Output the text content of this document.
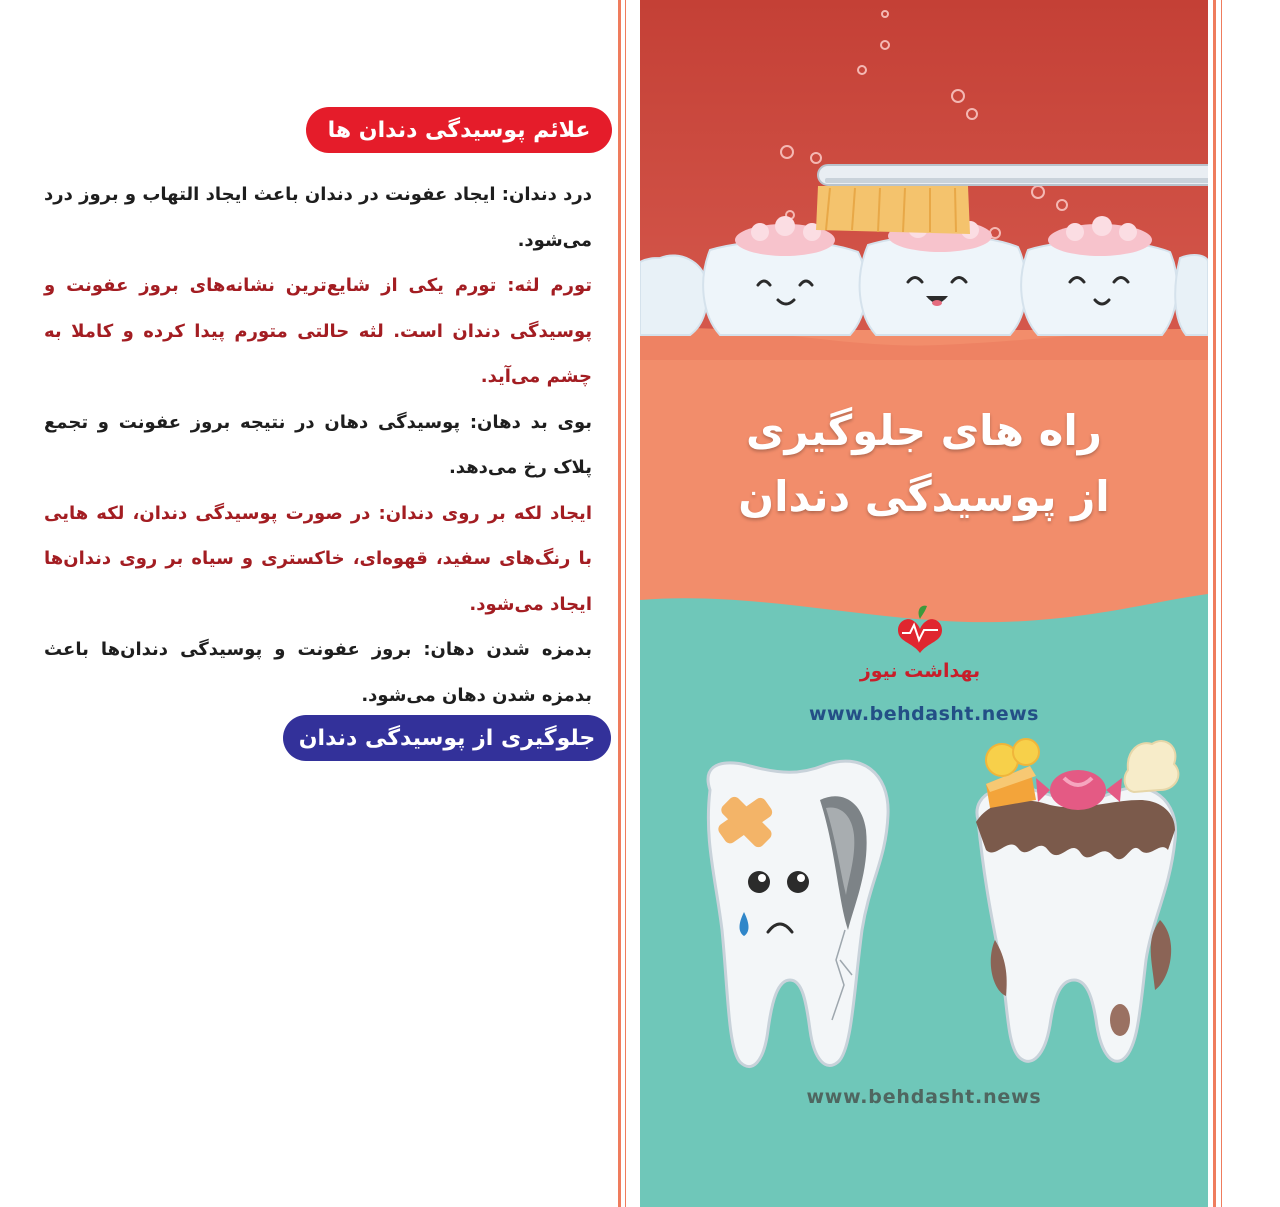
علائم پوسیدگی دندان ها

درد دندان: ایجاد عفونت در دندان باعث ایجاد التهاب و بروز درد می‌شود.

تورم لثه: تورم یکی از شایع‌ترین نشانه‌های بروز عفونت و پوسیدگی دندان است. لثه حالتی متورم پیدا کرده و کاملا به چشم می‌آید.

بوی بد دهان: پوسیدگی دهان در نتیجه بروز عفونت و تجمع پلاک رخ می‌دهد.

ایجاد لکه بر روی دندان: در صورت پوسیدگی دندان، لکه هایی با رنگ‌های سفید، قهوه‌ای، خاکستری و سیاه بر روی دندان‌ها ایجاد می‌شود.

بدمزه شدن دهان: بروز عفونت و پوسیدگی دندان‌ها باعث بدمزه شدن دهان می‌شود.

جلوگیری از پوسیدگی دندان
راه های جلوگیری
از پوسیدگی دندان
بهداشت نیوز
www.behdasht.news
www.behdasht.news
